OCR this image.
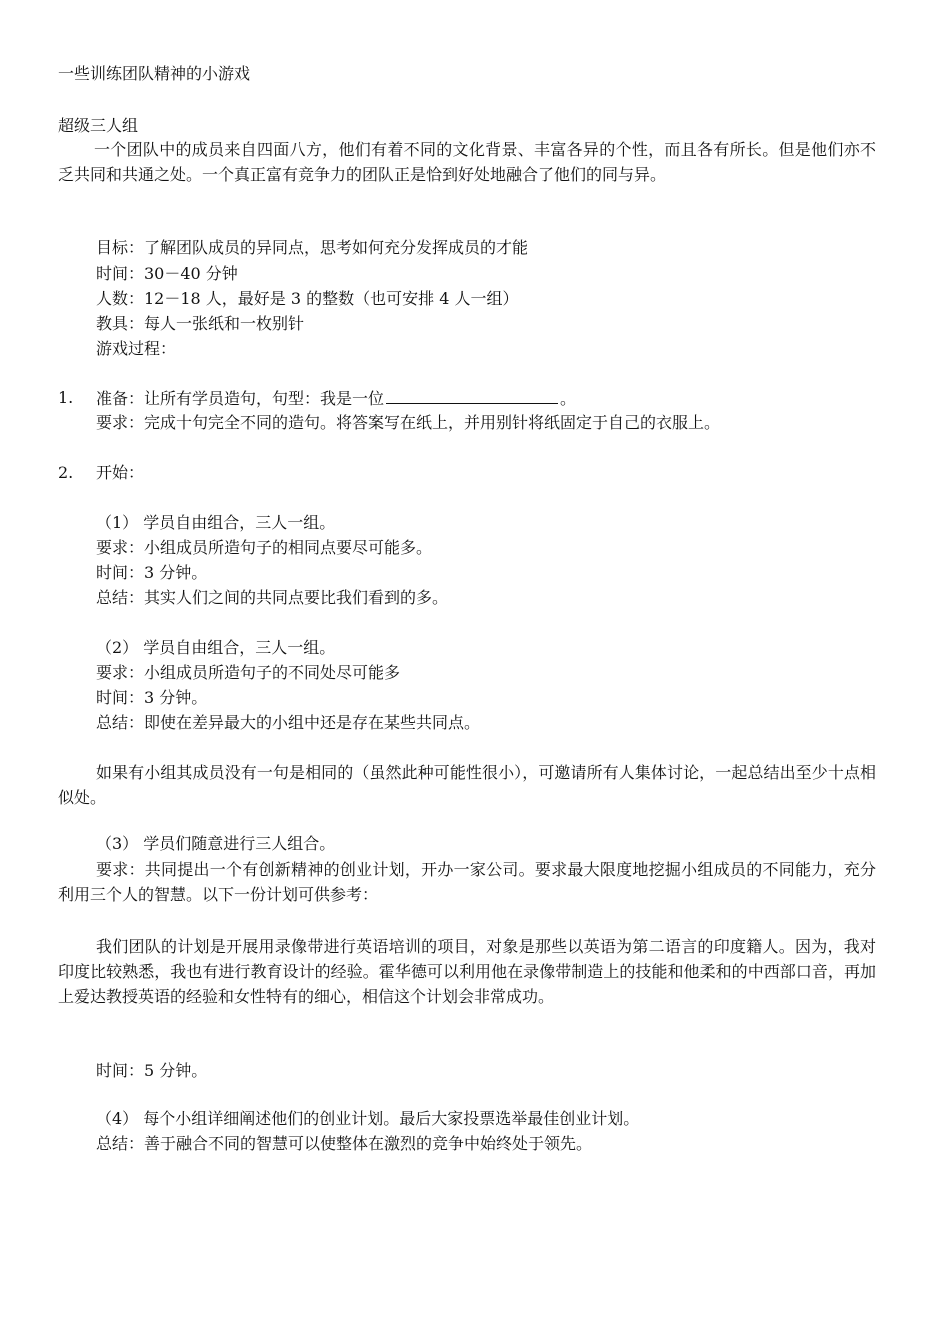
一些训练团队精神的小游戏
超级三人组
一个团队中的成员来自四面八方，他们有着不同的文化背景、丰富各异的个性，而且各有所长。但是他们亦不乏共同和共通之处。一个真正富有竞争力的团队正是恰到好处地融合了他们的同与异。
目标：了解团队成员的异同点，思考如何充分发挥成员的才能
时间：30－40 分钟
人数：12－18 人，最好是 3 的整数（也可安排 4 人一组）
教具：每人一张纸和一枚别针
游戏过程：
1. 准备：让所有学员造句，句型：我是一位	。
要求：完成十句完全不同的造句。将答案写在纸上，并用别针将纸固定于自己的衣服上。
2. 开始：
（1） 学员自由组合，三人一组。
要求：小组成员所造句子的相同点要尽可能多。
时间：3 分钟。
总结：其实人们之间的共同点要比我们看到的多。
（2） 学员自由组合，三人一组。
要求：小组成员所造句子的不同处尽可能多
时间：3 分钟。
总结：即使在差异最大的小组中还是存在某些共同点。
如果有小组其成员没有一句是相同的（虽然此种可能性很小），可邀请所有人集体讨论，一起总结出至少十点相似处。
（3） 学员们随意进行三人组合。
要求：共同提出一个有创新精神的创业计划，开办一家公司。要求最大限度地挖掘小组成员的不同能力，充分利用三个人的智慧。以下一份计划可供参考：
我们团队的计划是开展用录像带进行英语培训的项目，对象是那些以英语为第二语言的印度籍人。因为，我对印度比较熟悉，我也有进行教育设计的经验。霍华德可以利用他在录像带制造上的技能和他柔和的中西部口音，再加上爱达教授英语的经验和女性特有的细心，相信这个计划会非常成功。
时间：5 分钟。
（4） 每个小组详细阐述他们的创业计划。最后大家投票选举最佳创业计划。
总结：善于融合不同的智慧可以使整体在激烈的竞争中始终处于领先。
